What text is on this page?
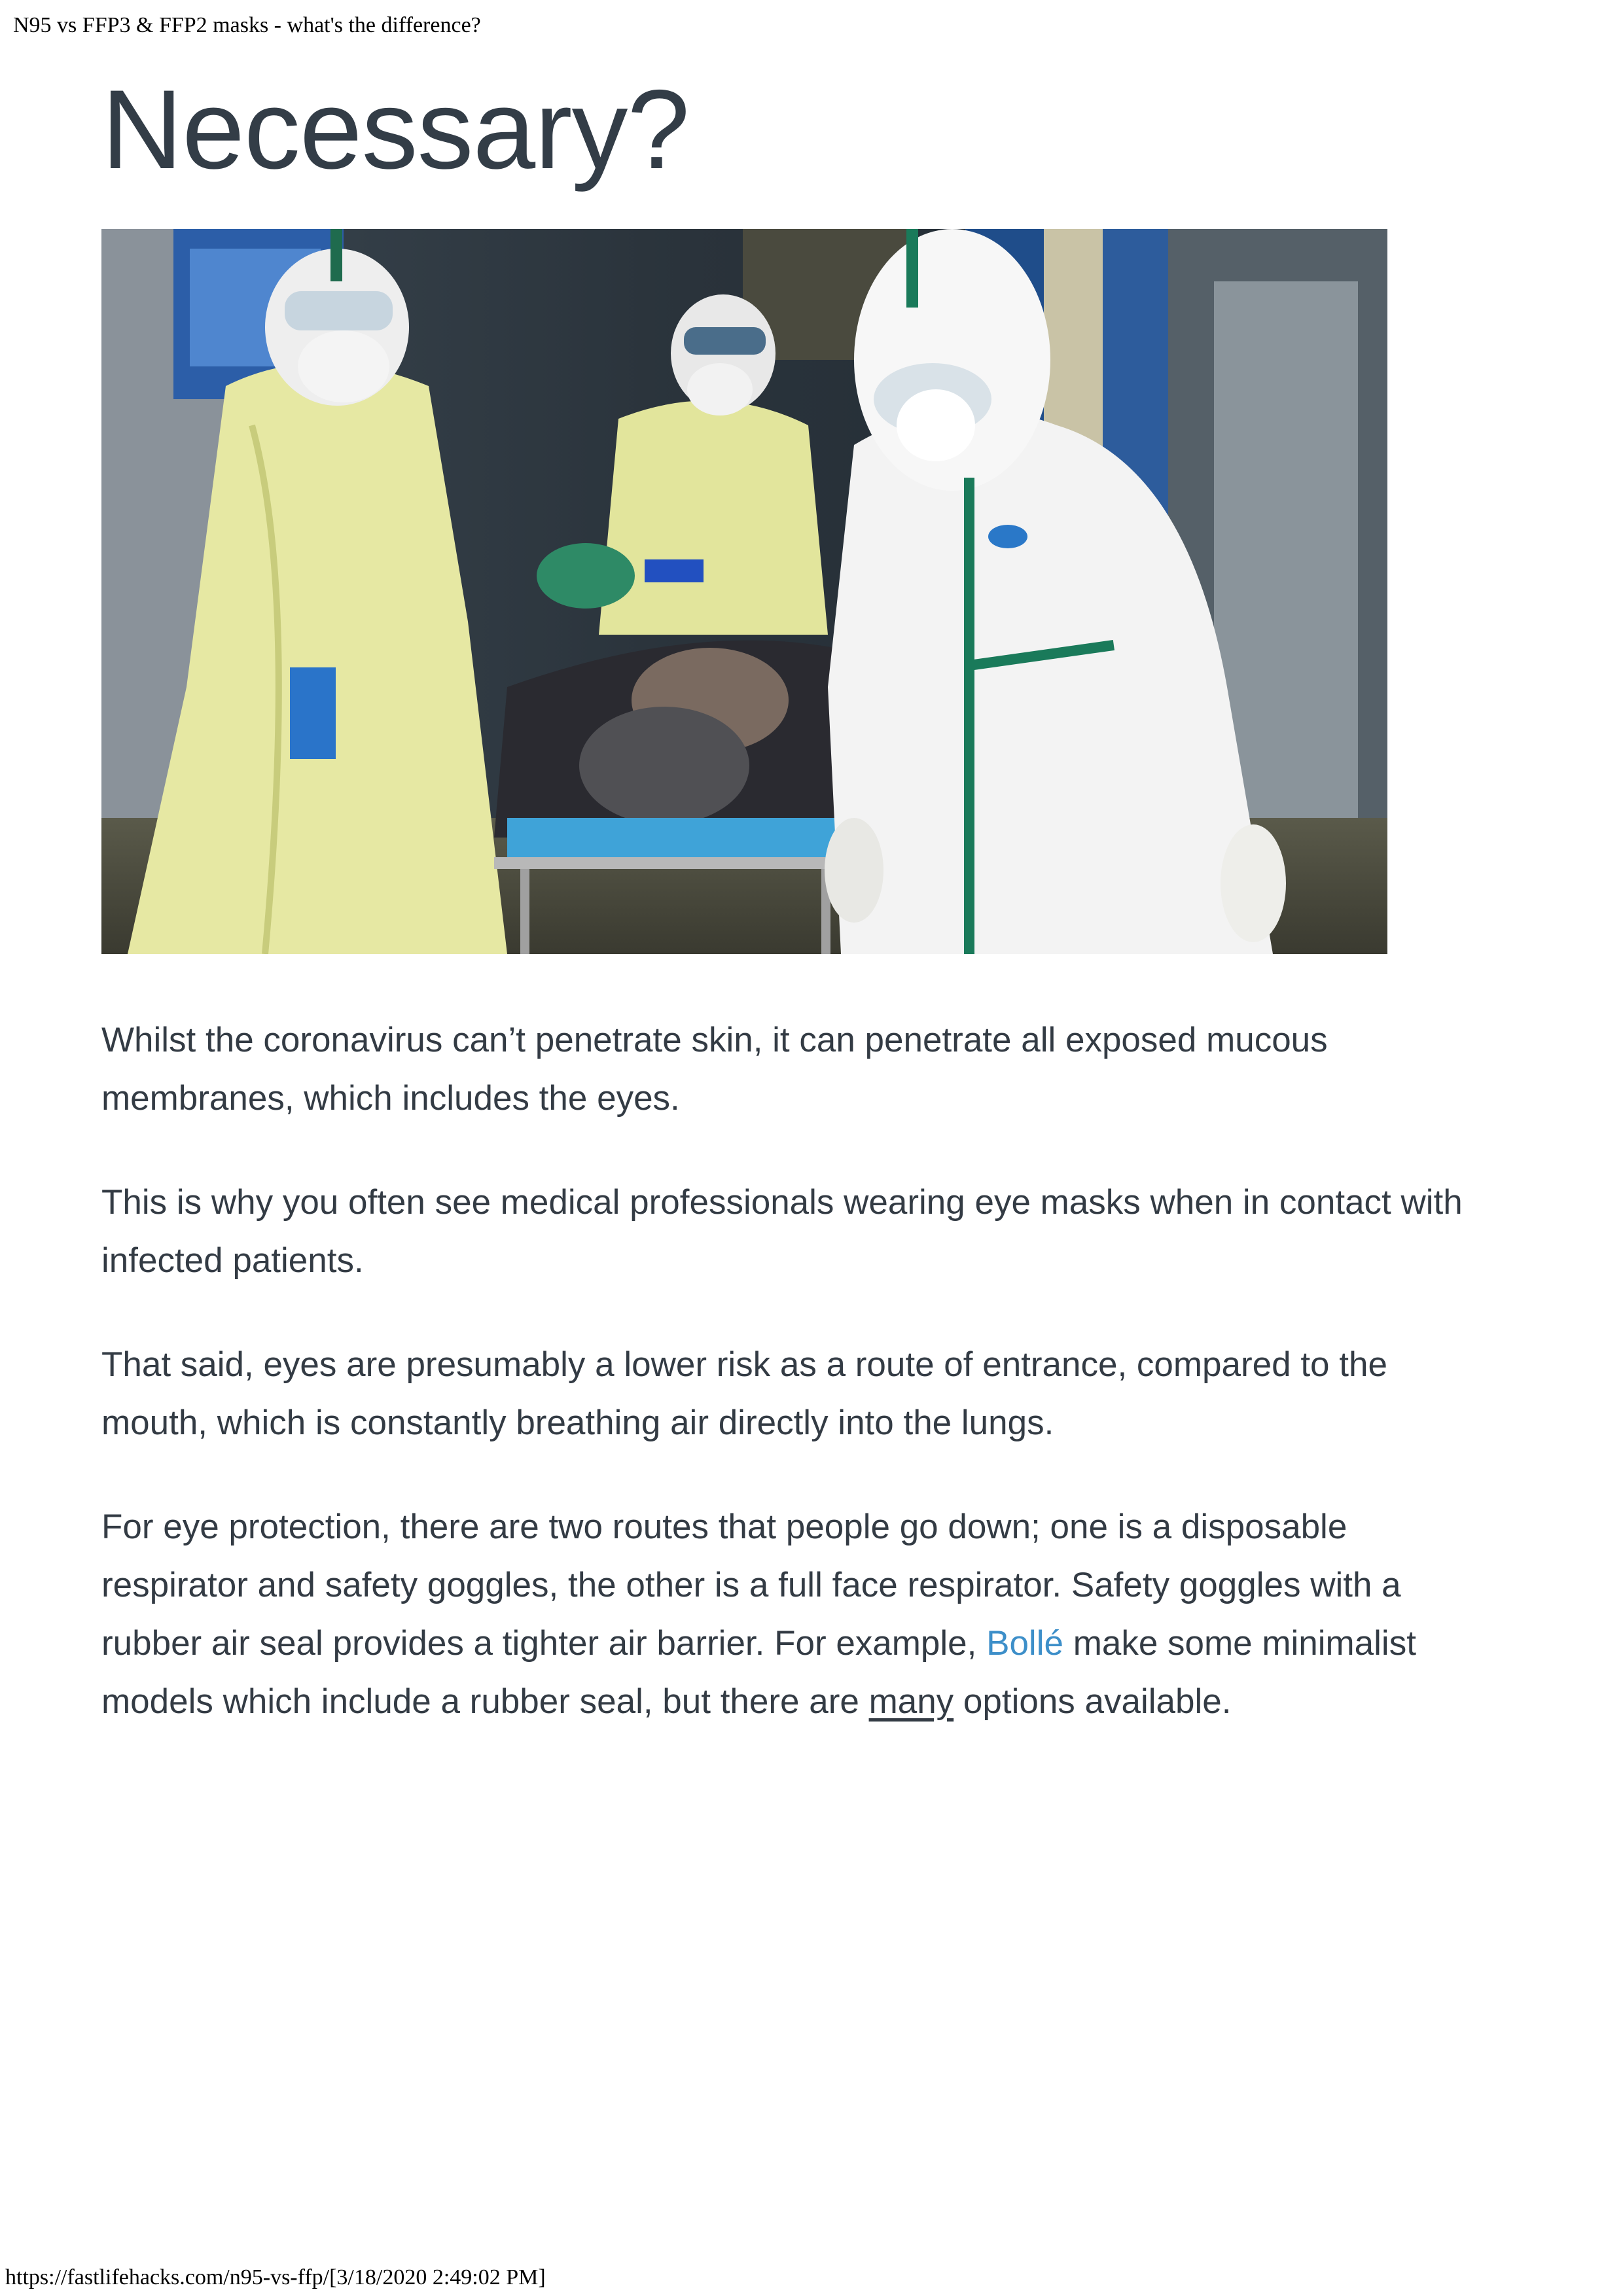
N95 vs FFP3 & FFP2 masks - what's the difference?
Necessary?

Whilst the coronavirus can’t penetrate skin, it can penetrate all exposed mucous membranes, which includes the eyes.

This is why you often see medical professionals wearing eye masks when in contact with infected patients.

That said, eyes are presumably a lower risk as a route of entrance, compared to the mouth, which is constantly breathing air directly into the lungs.

For eye protection, there are two routes that people go down; one is a disposable respirator and safety goggles, the other is a full face respirator. Safety goggles with a rubber air seal provides a tighter air barrier. For example, Bollé make some minimalist models which include a rubber seal, but there are many options available.

https://fastlifehacks.com/n95-vs-ffp/[3/18/2020 2:49:02 PM]
